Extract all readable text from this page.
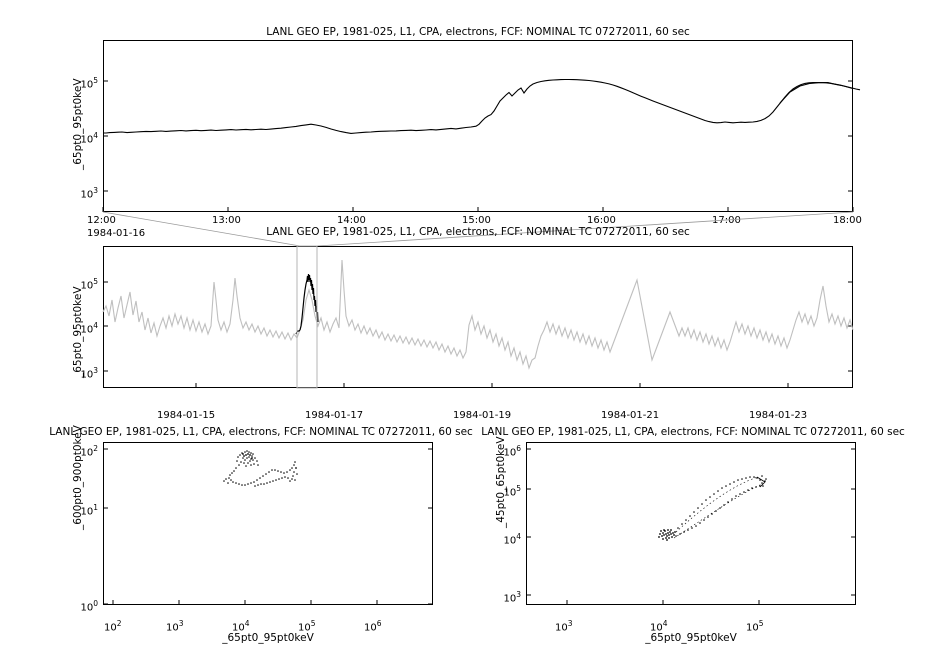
LANL GEO EP, 1981-025, L1, CPA, electrons, FCF: NOMINAL TC 07272011, 60 sec
_65pt0_95pt0keV
$10^5$
$10^4$
$10^3$
12:00	13:00	14:00	15:00	16:00	17:00	18:00
1984-01-16	LANL GEO EP, 1981-025, L1, CPA, electrons, FCF: NOMINAL TC 07272011, 60 sec
_65pt0_95pt0keV
$10^5$
$10^4$
$10^3$
1984-01-15	1984-01-17	1984-01-19	1984-01-21	1984-01-23
LANL GEO EP, 1981-025, L1, CPA, electrons, FCF: NOMINAL TC 07272011, 60 sec
_600pt0_900pt0keV
_65pt0_95pt0keV
$10^2$
$10^1$
$10^0$
$10^2$	$10^3$	$10^4$	$10^5$	$10^6$
LANL GEO EP, 1981-025, L1, CPA, electrons, FCF: NOMINAL TC 07272011, 60 sec
_45pt0_65pt0keV
_65pt0_95pt0keV
$10^6$
$10^5$
$10^4$
$10^3$
$10^3$	$10^4$	$10^5$
